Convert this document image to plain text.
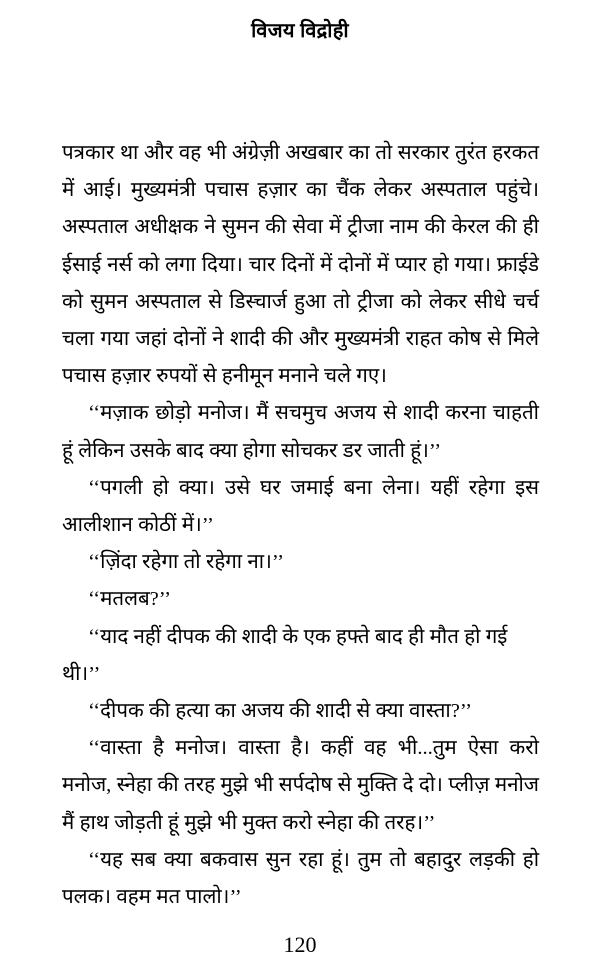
विजय विद्रोही

पत्रकार था और वह भी अंग्रेज़ी अखबार का तो सरकार तुरंत हरकत में आई। मुख्यमंत्री पचास हज़ार का चैंक लेकर अस्पताल पहुंचे। अस्पताल अधीक्षक ने सुमन की सेवा में ट्रीजा नाम की केरल की ही ईसाई नर्स को लगा दिया। चार दिनों में दोनों में प्यार हो गया। फ्राईडे को सुमन अस्पताल से डिस्चार्ज हुआ तो ट्रीजा को लेकर सीधे चर्च चला गया जहां दोनों ने शादी की और मुख्यमंत्री राहत कोष से मिले पचास हज़ार रुपयों से हनीमून मनाने चले गए।

‘‘मज़ाक छोड़ो मनोज। मैं सचमुच अजय से शादी करना चाहती हूं लेकिन उसके बाद क्या होगा सोचकर डर जाती हूं।’’

‘‘पगली हो क्या। उसे घर जमाई बना लेना। यहीं रहेगा इस आलीशान कोठीं में।’’

‘‘ज़िंदा रहेगा तो रहेगा ना।’’

‘‘मतलब?’’

‘‘याद नहीं दीपक की शादी के एक हफ्ते बाद ही मौत हो गई थी।’’

‘‘दीपक की हत्या का अजय की शादी से क्या वास्ता?’’

‘‘वास्ता है मनोज। वास्ता है। कहीं वह भी...तुम ऐसा करो मनोज, स्नेहा की तरह मुझे भी सर्पदोष से मुक्ति दे दो। प्लीज़ मनोज मैं हाथ जोड़ती हूं मुझे भी मुक्त करो स्नेहा की तरह।’’

‘‘यह सब क्या बकवास सुन रहा हूं। तुम तो बहादुर लड़की हो पलक। वहम मत पालो।’’

120
